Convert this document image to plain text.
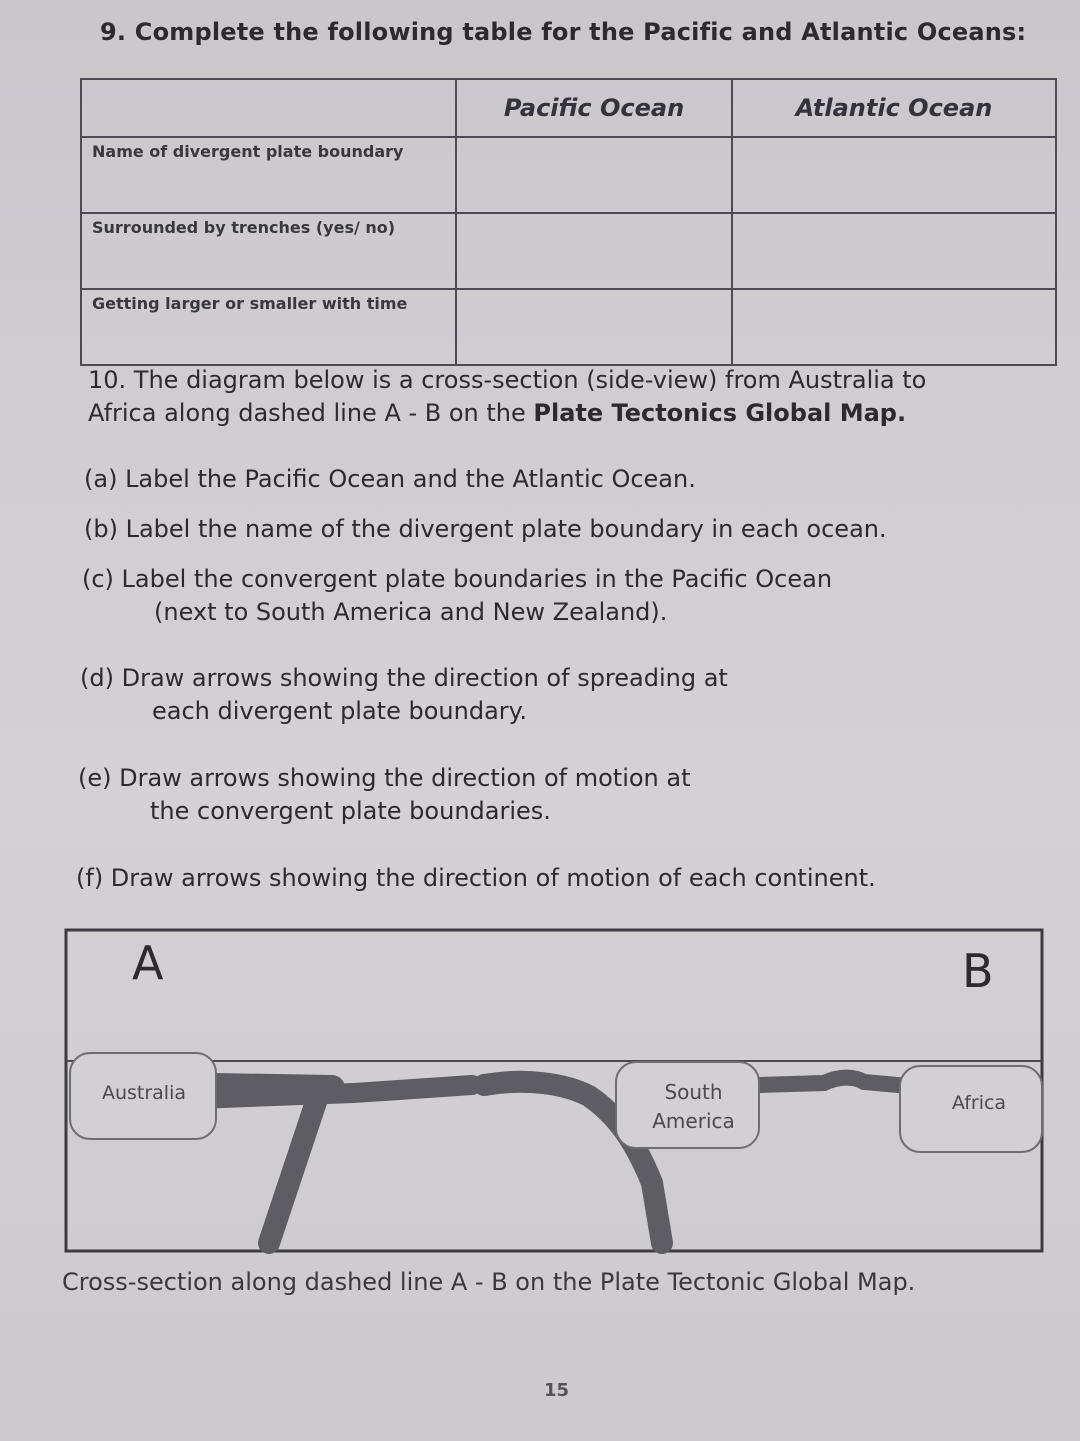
9. Complete the following table for the Pacific and Atlantic Oceans:
	Pacific Ocean	Atlantic Ocean
Name of divergent plate boundary		
Surrounded by trenches (yes/ no)		
Getting larger or smaller with time		
10. The diagram below is a cross-section (side-view) from Australia to Africa along dashed line A - B on the Plate Tectonics Global Map.
(a) Label the Pacific Ocean and the Atlantic Ocean.
(b) Label the name of the divergent plate boundary in each ocean.
(c) Label the convergent plate boundaries in the Pacific Ocean
(next to South America and New Zealand).
(d) Draw arrows showing the direction of spreading at
each divergent plate boundary.
(e) Draw arrows showing the direction of motion at
the convergent plate boundaries.
(f) Draw arrows showing the direction of motion of each continent.
A	B
Australia	South
America
Africa
Cross-section along dashed line A - B on the Plate Tectonic Global Map.
15
